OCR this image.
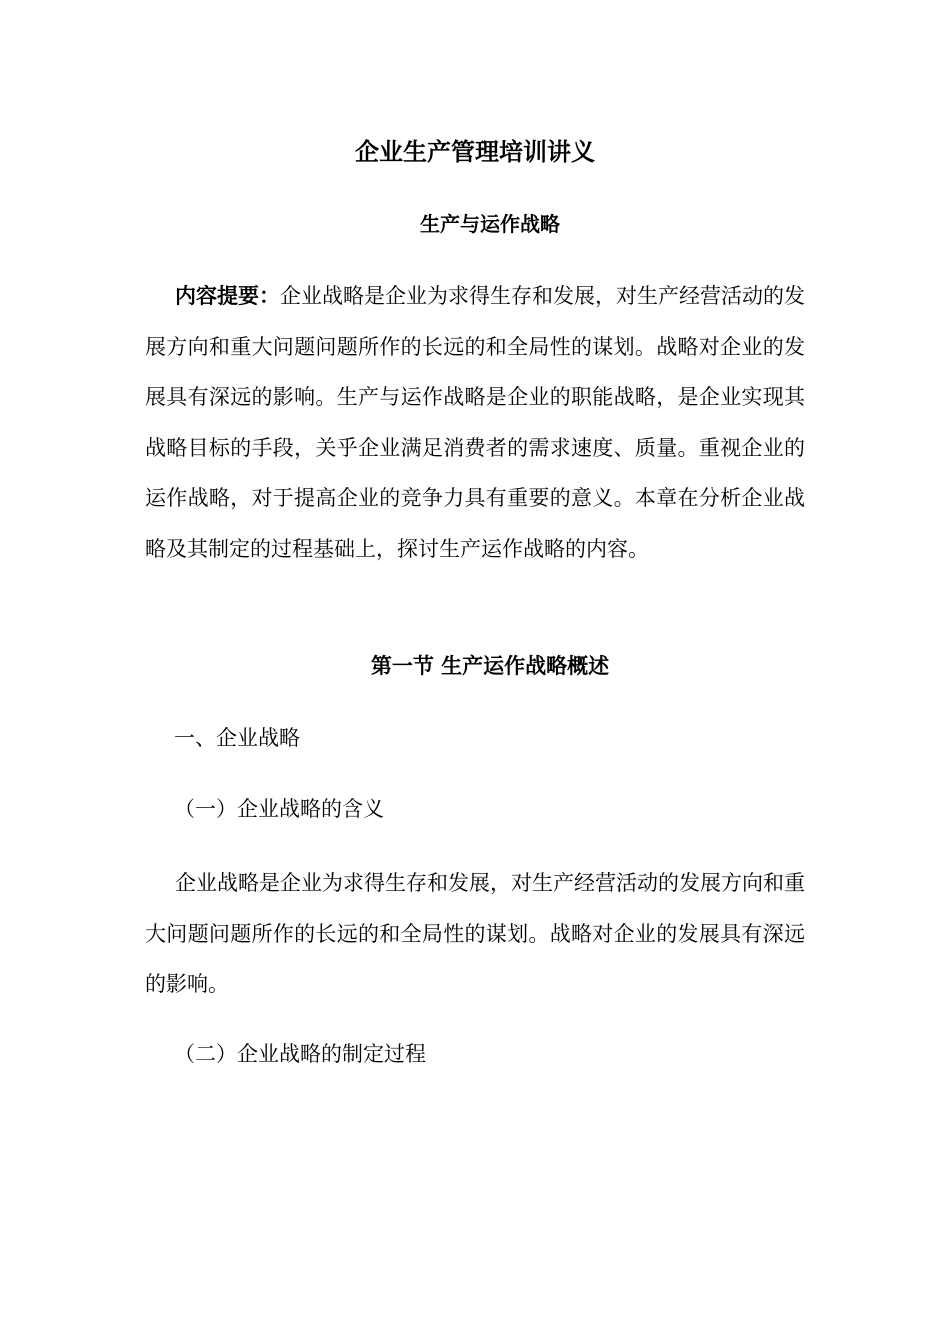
企业生产管理培训讲义
生产与运作战略

内容提要：企业战略是企业为求得生存和发展，对生产经营活动的发展方向和重大问题问题所作的长远的和全局性的谋划。战略对企业的发展具有深远的影响。生产与运作战略是企业的职能战略，是企业实现其战略目标的手段，关乎企业满足消费者的需求速度、质量。重视企业的运作战略，对于提高企业的竞争力具有重要的意义。本章在分析企业战略及其制定的过程基础上，探讨生产运作战略的内容。

第一节 生产运作战略概述

一、企业战略

（一）企业战略的含义

企业战略是企业为求得生存和发展，对生产经营活动的发展方向和重大问题问题所作的长远的和全局性的谋划。战略对企业的发展具有深远的影响。

（二）企业战略的制定过程
